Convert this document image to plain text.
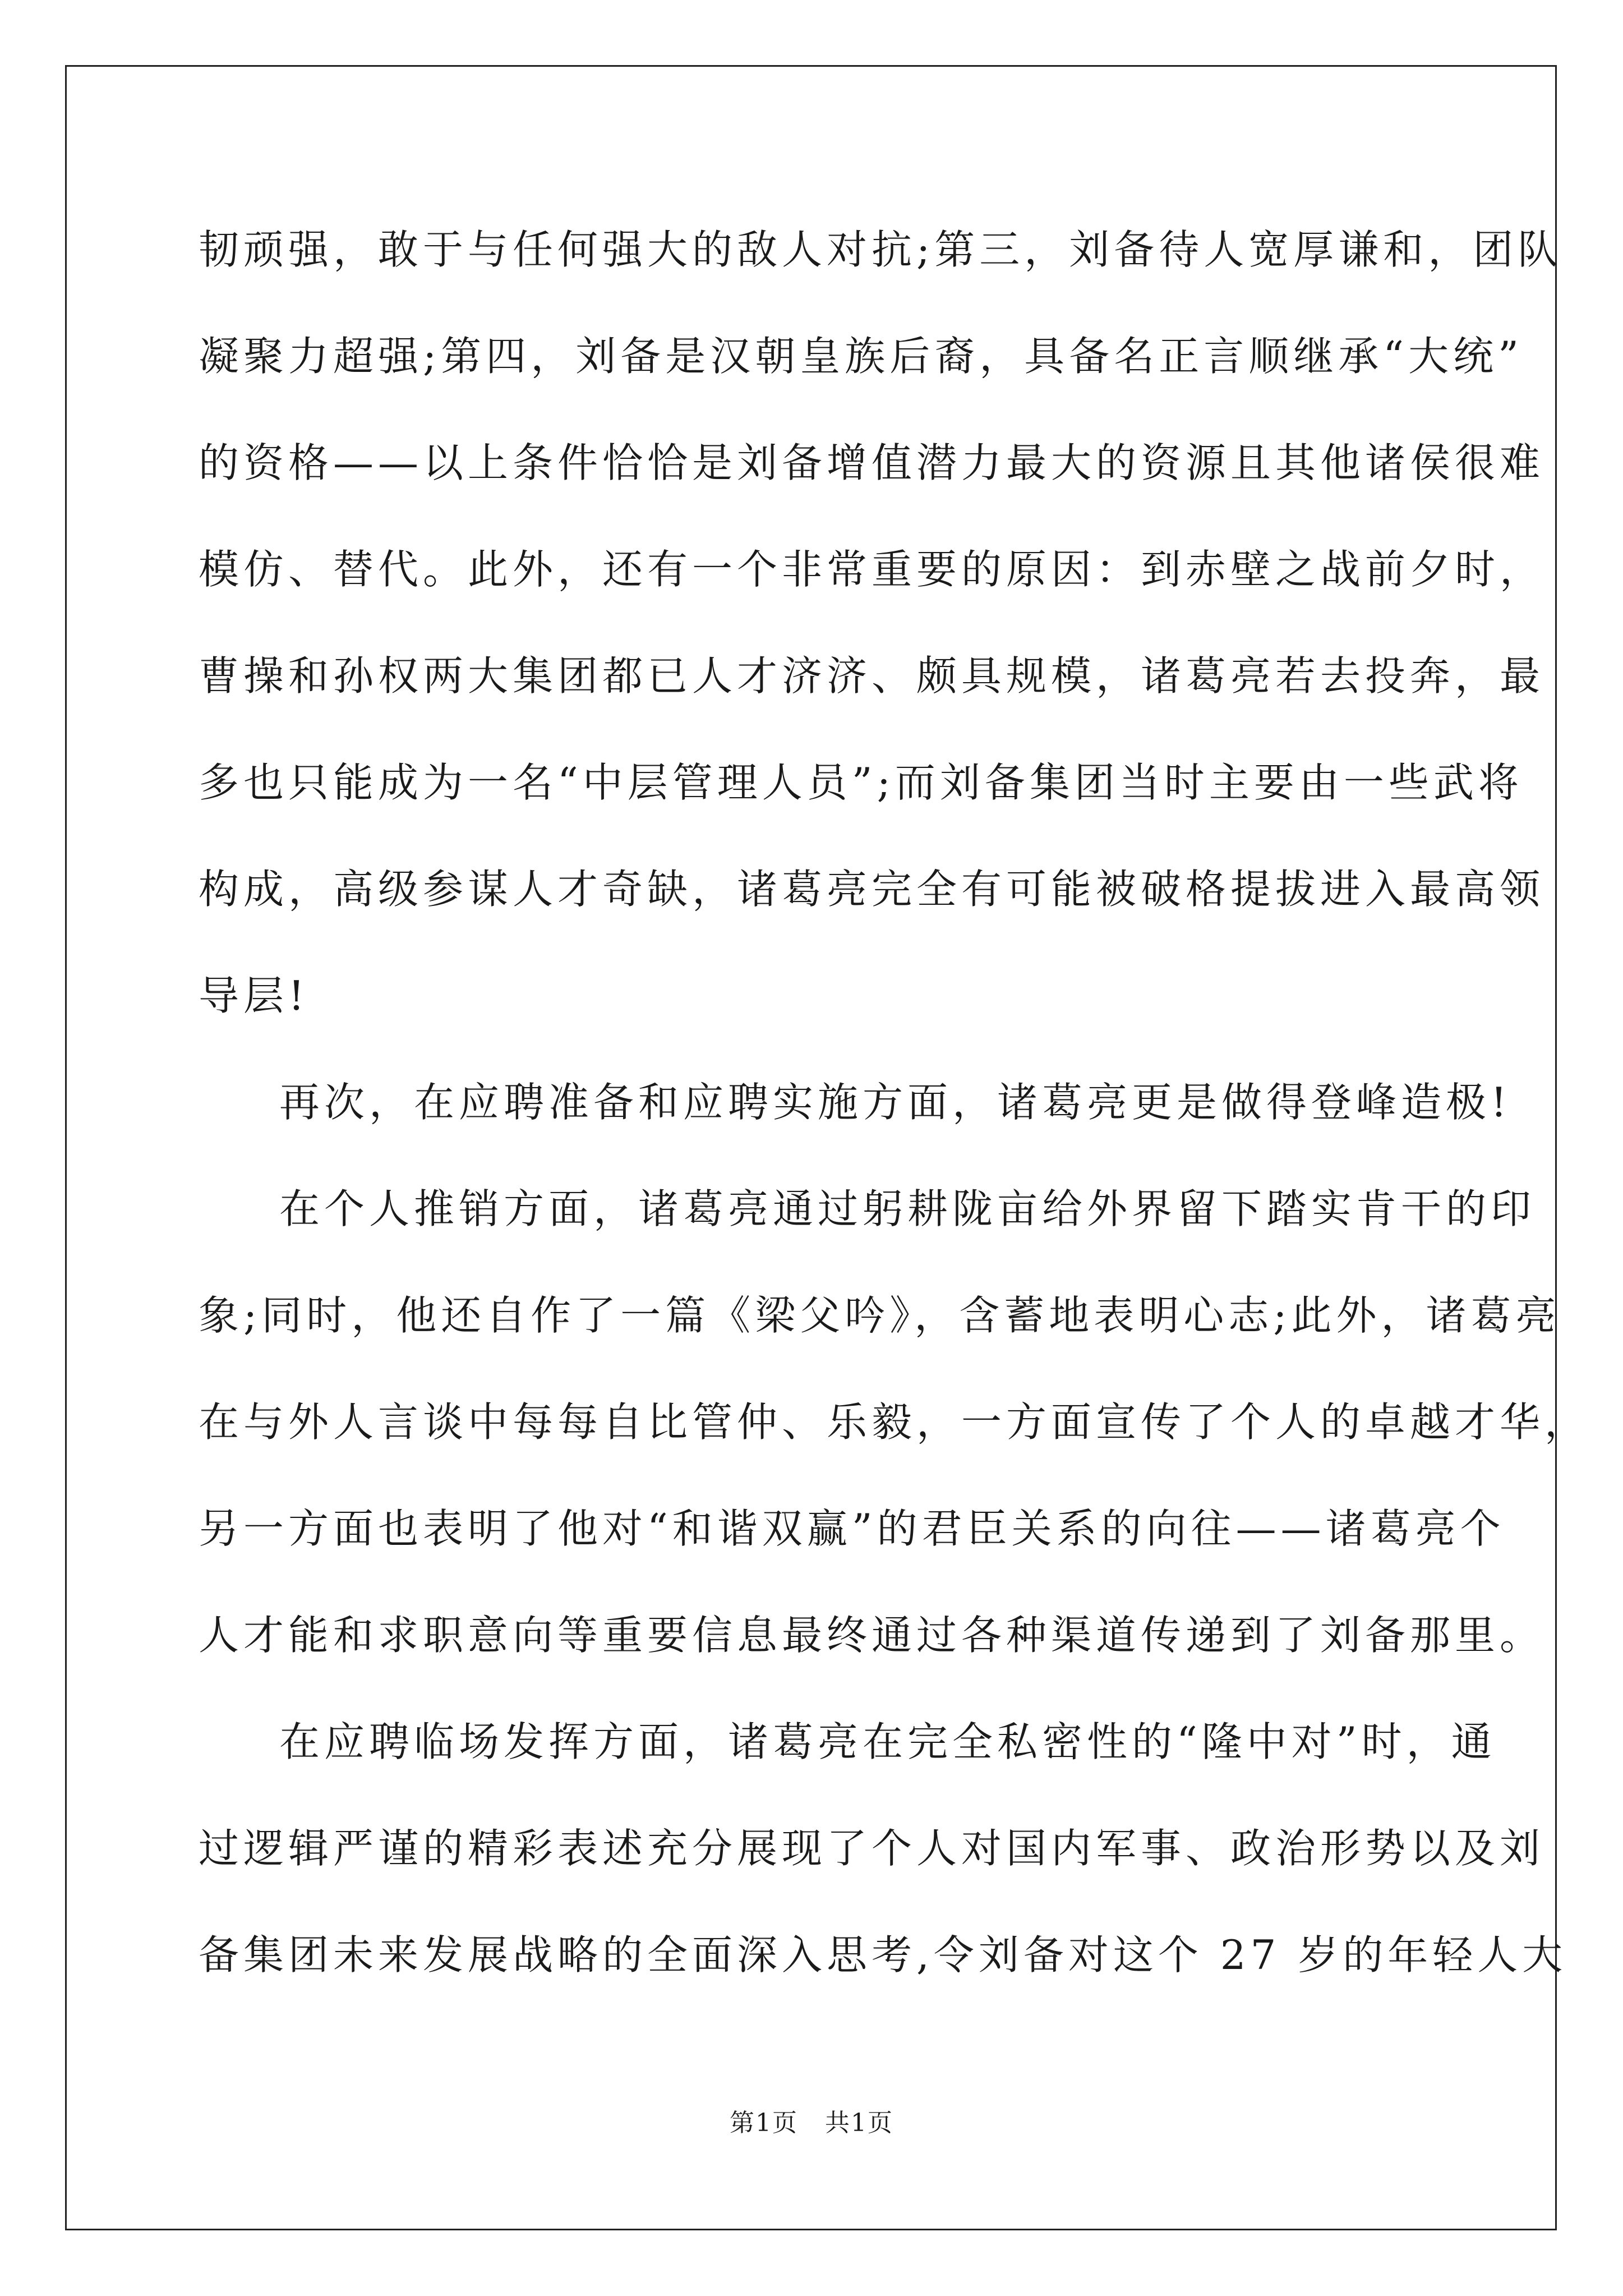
韧顽强，敢于与任何强大的敌人对抗;第三，刘备待人宽厚谦和，团队
凝聚力超强;第四，刘备是汉朝皇族后裔，具备名正言顺继承“大统”
的资格——以上条件恰恰是刘备增值潜力最大的资源且其他诸侯很难
模仿、替代。此外，还有一个非常重要的原因：到赤壁之战前夕时，
曹操和孙权两大集团都已人才济济、颇具规模，诸葛亮若去投奔，最
多也只能成为一名“中层管理人员”;而刘备集团当时主要由一些武将
构成，高级参谋人才奇缺，诸葛亮完全有可能被破格提拔进入最高领
导层!
再次，在应聘准备和应聘实施方面，诸葛亮更是做得登峰造极!
在个人推销方面，诸葛亮通过躬耕陇亩给外界留下踏实肯干的印
象;同时，他还自作了一篇《梁父吟》，含蓄地表明心志;此外，诸葛亮
在与外人言谈中每每自比管仲、乐毅，一方面宣传了个人的卓越才华，
另一方面也表明了他对“和谐双赢”的君臣关系的向往——诸葛亮个
人才能和求职意向等重要信息最终通过各种渠道传递到了刘备那里。
在应聘临场发挥方面，诸葛亮在完全私密性的“隆中对”时，通
过逻辑严谨的精彩表述充分展现了个人对国内军事、政治形势以及刘
备集团未来发展战略的全面深入思考,令刘备对这个 27 岁的年轻人大
第1页   共1页
